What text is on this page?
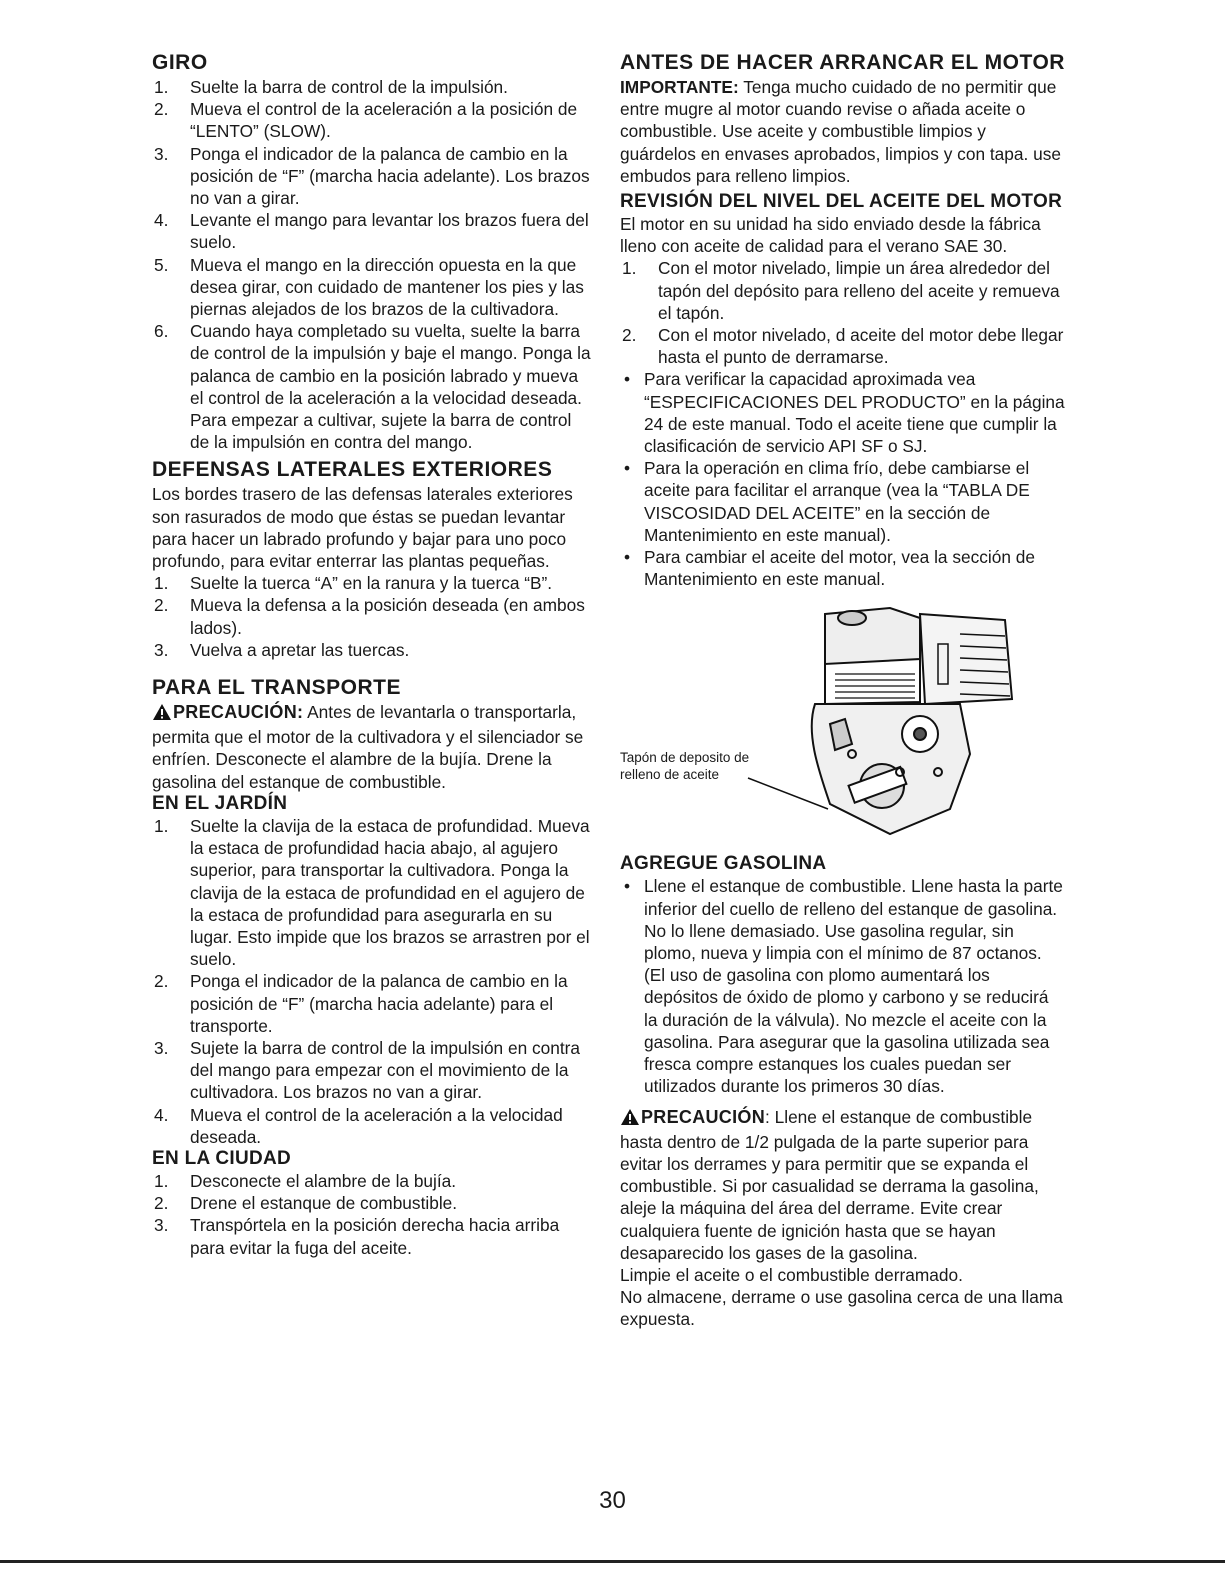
GIRO
1. Suelte la barra de control de la impulsión.
2. Mueva el control de la aceleración a la posición de “LENTO” (SLOW).
3. Ponga el indicador de la palanca de cambio en la posición de “F” (marcha hacia adelante). Los brazos no van a girar.
4. Levante el mango para levantar los brazos fuera del suelo.
5. Mueva el mango en la dirección opuesta en la que desea girar, con cuidado de mantener los pies y las piernas alejados de los brazos de la cultivadora.
6. Cuando haya completado su vuelta, suelte la barra de control de la impulsión y baje el mango. Ponga la palanca de cambio en la posición labrado y mueva el control de la aceleración a la velocidad deseada. Para empezar a cultivar, sujete la barra de control de la impulsión en contra del mango.
DEFENSAS LATERALES EXTERIORES

Los bordes trasero de las defensas laterales exteriores son rasurados de modo que éstas se puedan levantar para hacer un labrado profundo y bajar para uno poco profundo, para evitar enterrar las plantas pequeñas.

1. Suelte la tuerca “A” en la ranura y la tuerca “B”.
2. Mueva la defensa a la posición deseada (en ambos lados).
3. Vuelva a apretar las tuercas.
PARA EL TRANSPORTE

PRECAUCIÓN: Antes de levantarla o transportarla, permita que el motor de la cultivadora y el silenciador se enfríen. Desconecte el alambre de la bujía. Drene la gasolina del estanque de combustible.

EN EL JARDÍN
1. Suelte la clavija de la estaca de profundidad. Mueva la estaca de profundidad hacia abajo, al agujero superior, para transportar la cultivadora. Ponga la clavija de la estaca de profundidad en el agujero de la estaca de profundidad para asegurarla en su lugar. Esto impide que los brazos se arrastren por el suelo.
2. Ponga el indicador de la palanca de cambio en la posición de “F” (marcha hacia adelante) para el transporte.
3. Sujete la barra de control de la impulsión en contra del mango para empezar con el movimiento de la cultivadora. Los brazos no van a girar.
4. Mueva el control de la aceleración a la velocidad deseada.
EN LA CIUDAD
1. Desconecte el alambre de la bujía.
2. Drene el estanque de combustible.
3. Transpórtela en la posición derecha hacia arriba para evitar la fuga del aceite.
ANTES DE HACER ARRANCAR EL MOTOR

IMPORTANTE: Tenga mucho cuidado de no permitir que entre mugre al motor cuando revise o añada aceite o combustible. Use aceite y combustible limpios y guárdelos en envases aprobados, limpios y con tapa. use embudos para relleno limpios.

REVISIÓN DEL NIVEL DEL ACEITE DEL MOTOR

El motor en su unidad ha sido enviado desde la fábrica lleno con aceite de calidad para el verano SAE 30.

1. Con el motor nivelado, limpie un área alrededor del tapón del depósito para relleno del aceite y remueva el tapón.
2. Con el motor nivelado, d aceite del motor debe llegar hasta el punto de derramarse.
• Para verificar la capacidad aproximada vea “ESPECIFICACIONES DEL PRODUCTO” en la página 24 de este manual. Todo el aceite tiene que cumplir la clasificación de servicio API SF o SJ.
• Para la operación en clima frío, debe cambiarse el aceite para facilitar el arranque (vea la “TABLA DE VISCOSIDAD DEL ACEITE” en la sección de Mantenimiento en este manual).
• Para cambiar el aceite del motor, vea la sección de Mantenimiento en este manual.
Tapón de deposito de
relleno de aceite
AGREGUE GASOLINA
• Llene el estanque de combustible. Llene hasta la parte inferior del cuello de relleno del estanque de gasolina. No lo llene demasiado. Use gasolina regular, sin plomo, nueva y limpia con el mínimo de 87 octanos. (El uso de gasolina con plomo aumentará los depósitos de óxido de plomo y carbono y se reducirá la duración de la válvula). No mezcle el aceite con la gasolina. Para asegurar que la gasolina utilizada sea fresca compre estanques los cuales puedan ser utilizados durante los primeros 30 días.

PRECAUCIÓN: Llene el estanque de combustible hasta dentro de 1/2 pulgada de la parte superior para evitar los derrames y para permitir que se expanda el combustible. Si por casualidad se derrama la gasolina, aleje la máquina del área del derrame. Evite crear cualquiera fuente de ignición hasta que se hayan desaparecido los gases de la gasolina.

Limpie el aceite o el combustible derramado.

No almacene, derrame o use gasolina cerca de una llama expuesta.

30
